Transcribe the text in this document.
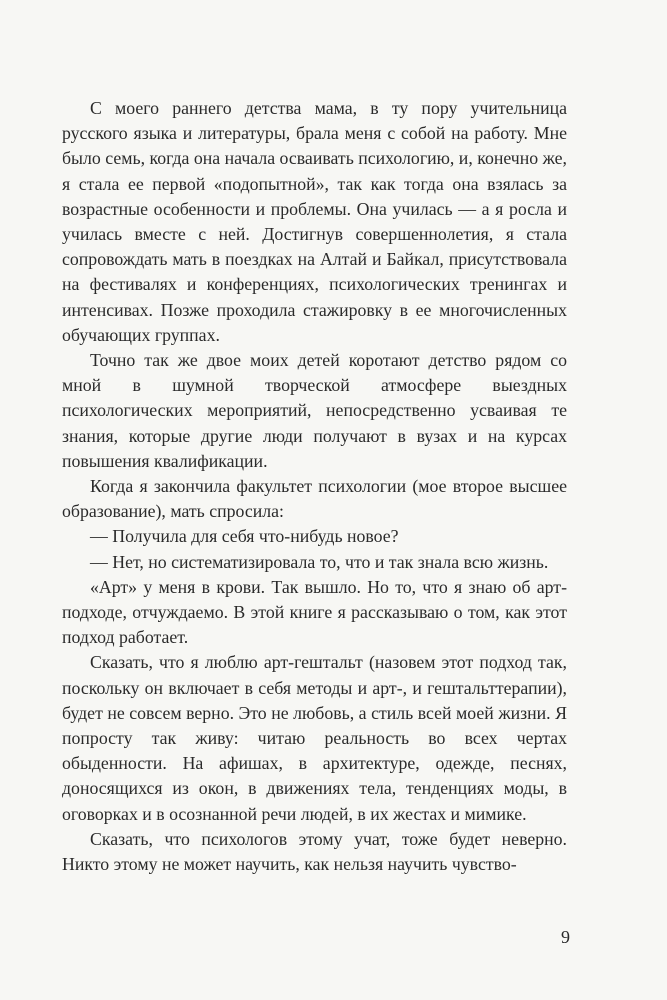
С моего раннего детства мама, в ту пору учительница русского языка и литературы, брала меня с собой на работу. Мне было семь, когда она начала осваивать психологию, и, конечно же, я стала ее первой «подопытной», так как тогда она взялась за возрастные особенности и проблемы. Она училась — а я росла и училась вместе с ней. Достигнув совершеннолетия, я стала сопровождать мать в поездках на Алтай и Байкал, присутствовала на фестивалях и конференциях, психологических тренингах и интенсивах. Позже проходила стажировку в ее многочисленных обучающих группах.

Точно так же двое моих детей коротают детство рядом со мной в шумной творческой атмосфере выездных психологических мероприятий, непосредственно усваивая те знания, которые другие люди получают в вузах и на курсах повышения квалификации.

Когда я закончила факультет психологии (мое второе высшее образование), мать спросила:

— Получила для себя что-нибудь новое?

— Нет, но систематизировала то, что и так знала всю жизнь.

«Арт» у меня в крови. Так вышло. Но то, что я знаю об арт-подходе, отчуждаемо. В этой книге я рассказываю о том, как этот подход работает.

Сказать, что я люблю арт-гештальт (назовем этот подход так, поскольку он включает в себя методы и арт-, и гештальттерапии), будет не совсем верно. Это не любовь, а стиль всей моей жизни. Я попросту так живу: читаю реальность во всех чертах обыденности. На афишах, в архитектуре, одежде, песнях, доносящихся из окон, в движениях тела, тенденциях моды, в оговорках и в осознанной речи людей, в их жестах и мимике.

Сказать, что психологов этому учат, тоже будет неверно. Никто этому не может научить, как нельзя научить чувство-

9
